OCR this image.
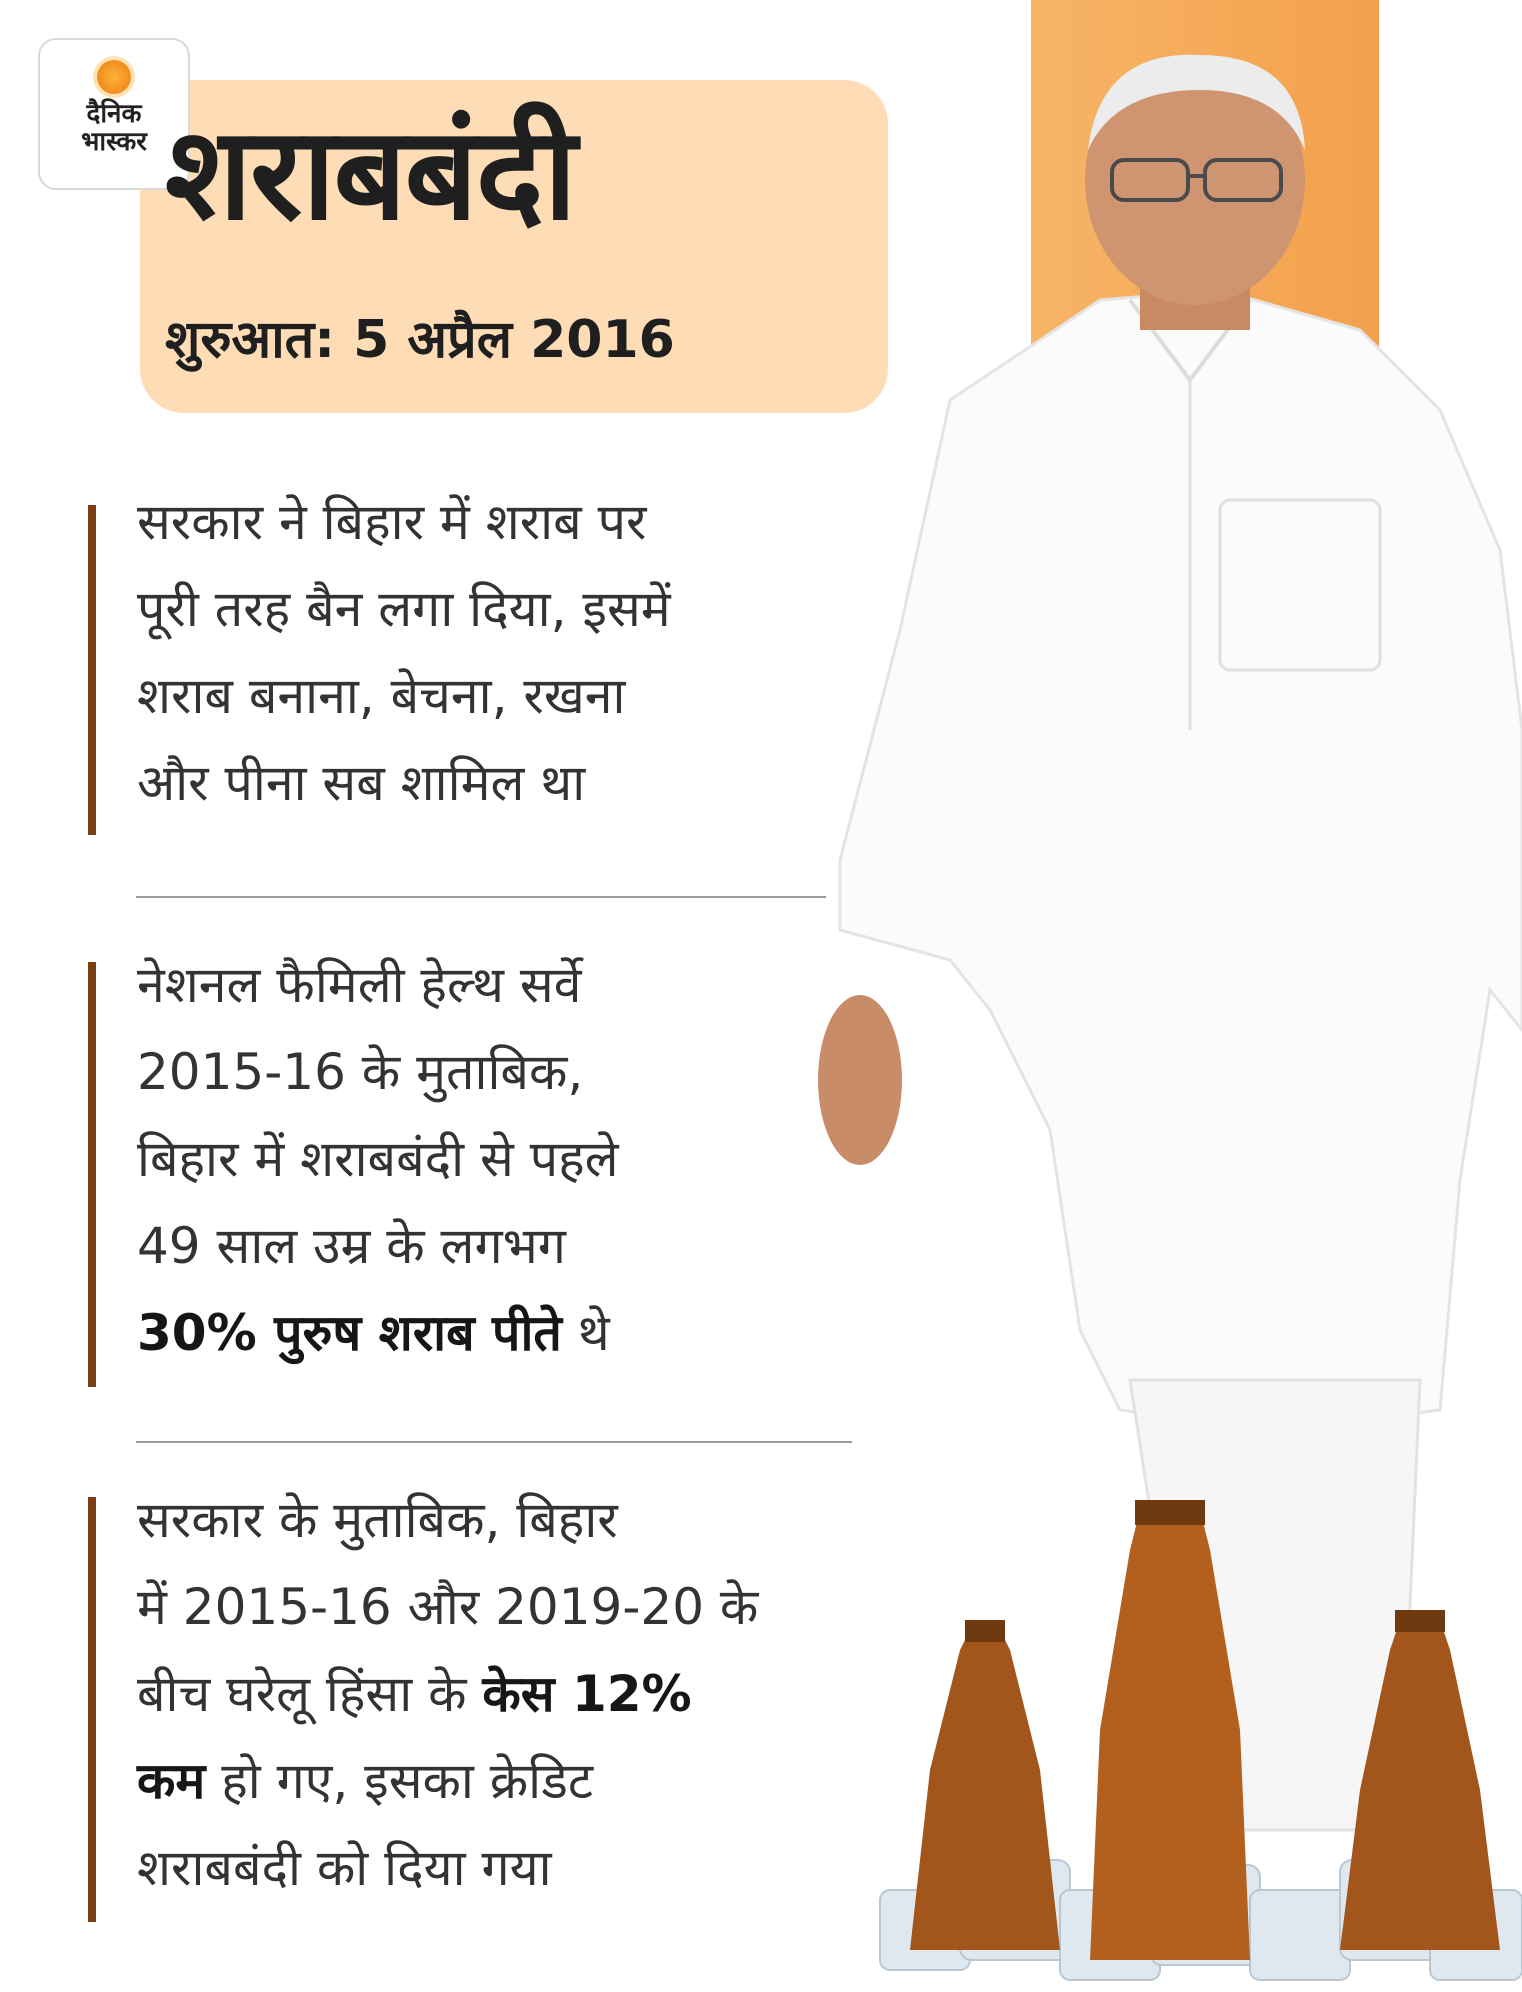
दैनिक
भास्कर शराबबंदी
शुरुआत: 5 अप्रैल 2016
सरकार ने बिहार में शराब पर
पूरी तरह बैन लगा दिया, इसमें
शराब बनाना, बेचना, रखना
और पीना सब शामिल था
नेशनल फैमिली हेल्थ सर्वे
2015-16 के मुताबिक,
बिहार में शराबबंदी से पहले
49 साल उम्र के लगभग
30% पुरुष शराब पीते थे
सरकार के मुताबिक, बिहार
में 2015-16 और 2019-20 के
बीच घरेलू हिंसा के केस 12%
कम हो गए, इसका क्रेडिट
शराबबंदी को दिया गया
